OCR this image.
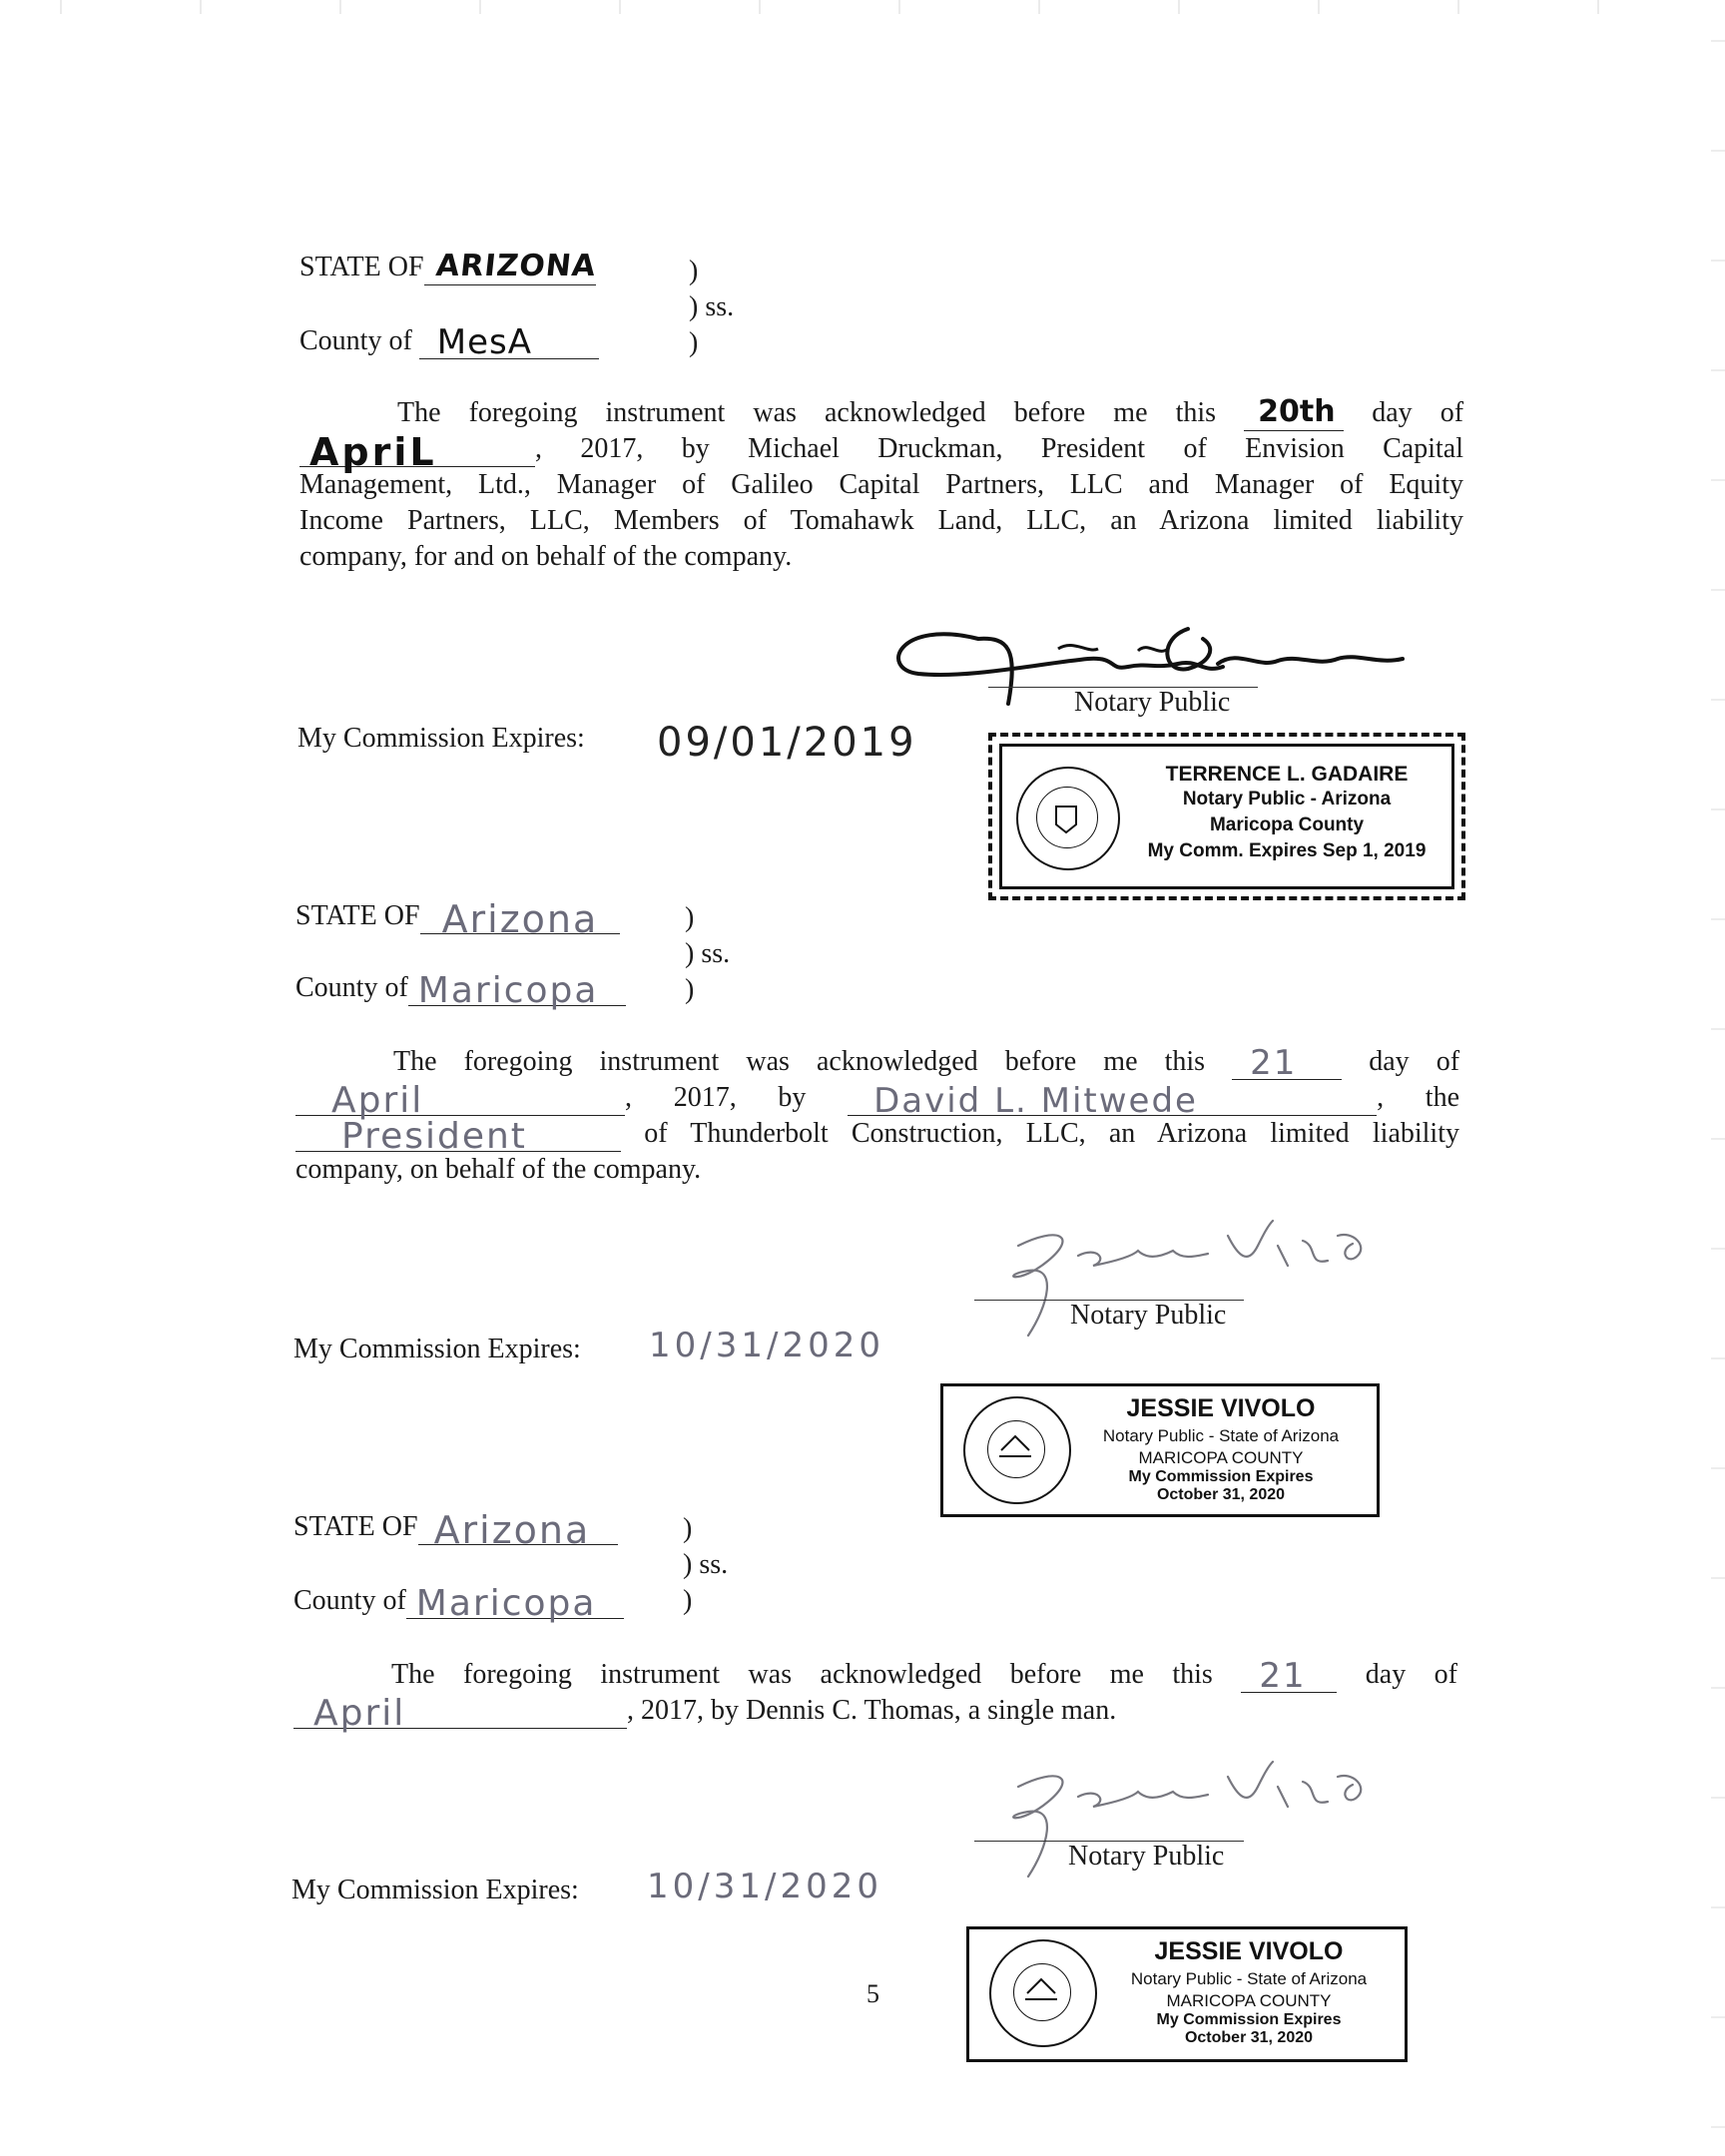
STATE OF ARIZONA	)
) ss.
)
County of MesA
The foregoing instrument was acknowledged before me this 20th day of
ApriL	, 2017, by Michael Druckman, President of Envision Capital
Management, Ltd., Manager of Galileo Capital Partners, LLC and Manager of Equity
Income Partners, LLC, Members of Tomahawk Land, LLC, an Arizona limited liability
company, for and on behalf of the company.
Notary Public
My Commission Expires: 09/01/2019
TERRENCE L. GADAIRE
Notary Public - Arizona
Maricopa County
My Comm. Expires Sep 1, 2019
STATE OF Arizona	)
) ss.
)
County of Maricopa
The foregoing instrument was acknowledged before me this 21	day of
April	, 2017, by David L. Mitwede	, the
President	of Thunderbolt Construction, LLC, an Arizona limited liability
company, on behalf of the company.
Notary Public
My Commission Expires: 10/31/2020
JESSIE VIVOLO
Notary Public - State of Arizona
MARICOPA COUNTY
My Commission Expires
October 31, 2020
STATE OF Arizona	)
) ss.
)
County of Maricopa
The foregoing instrument was acknowledged before me this 21 day of
April	, 2017, by Dennis C. Thomas, a single man.
Notary Public
My Commission Expires: 10/31/2020
JESSIE VIVOLO
Notary Public - State of Arizona
MARICOPA COUNTY
My Commission Expires
October 31, 2020
5
